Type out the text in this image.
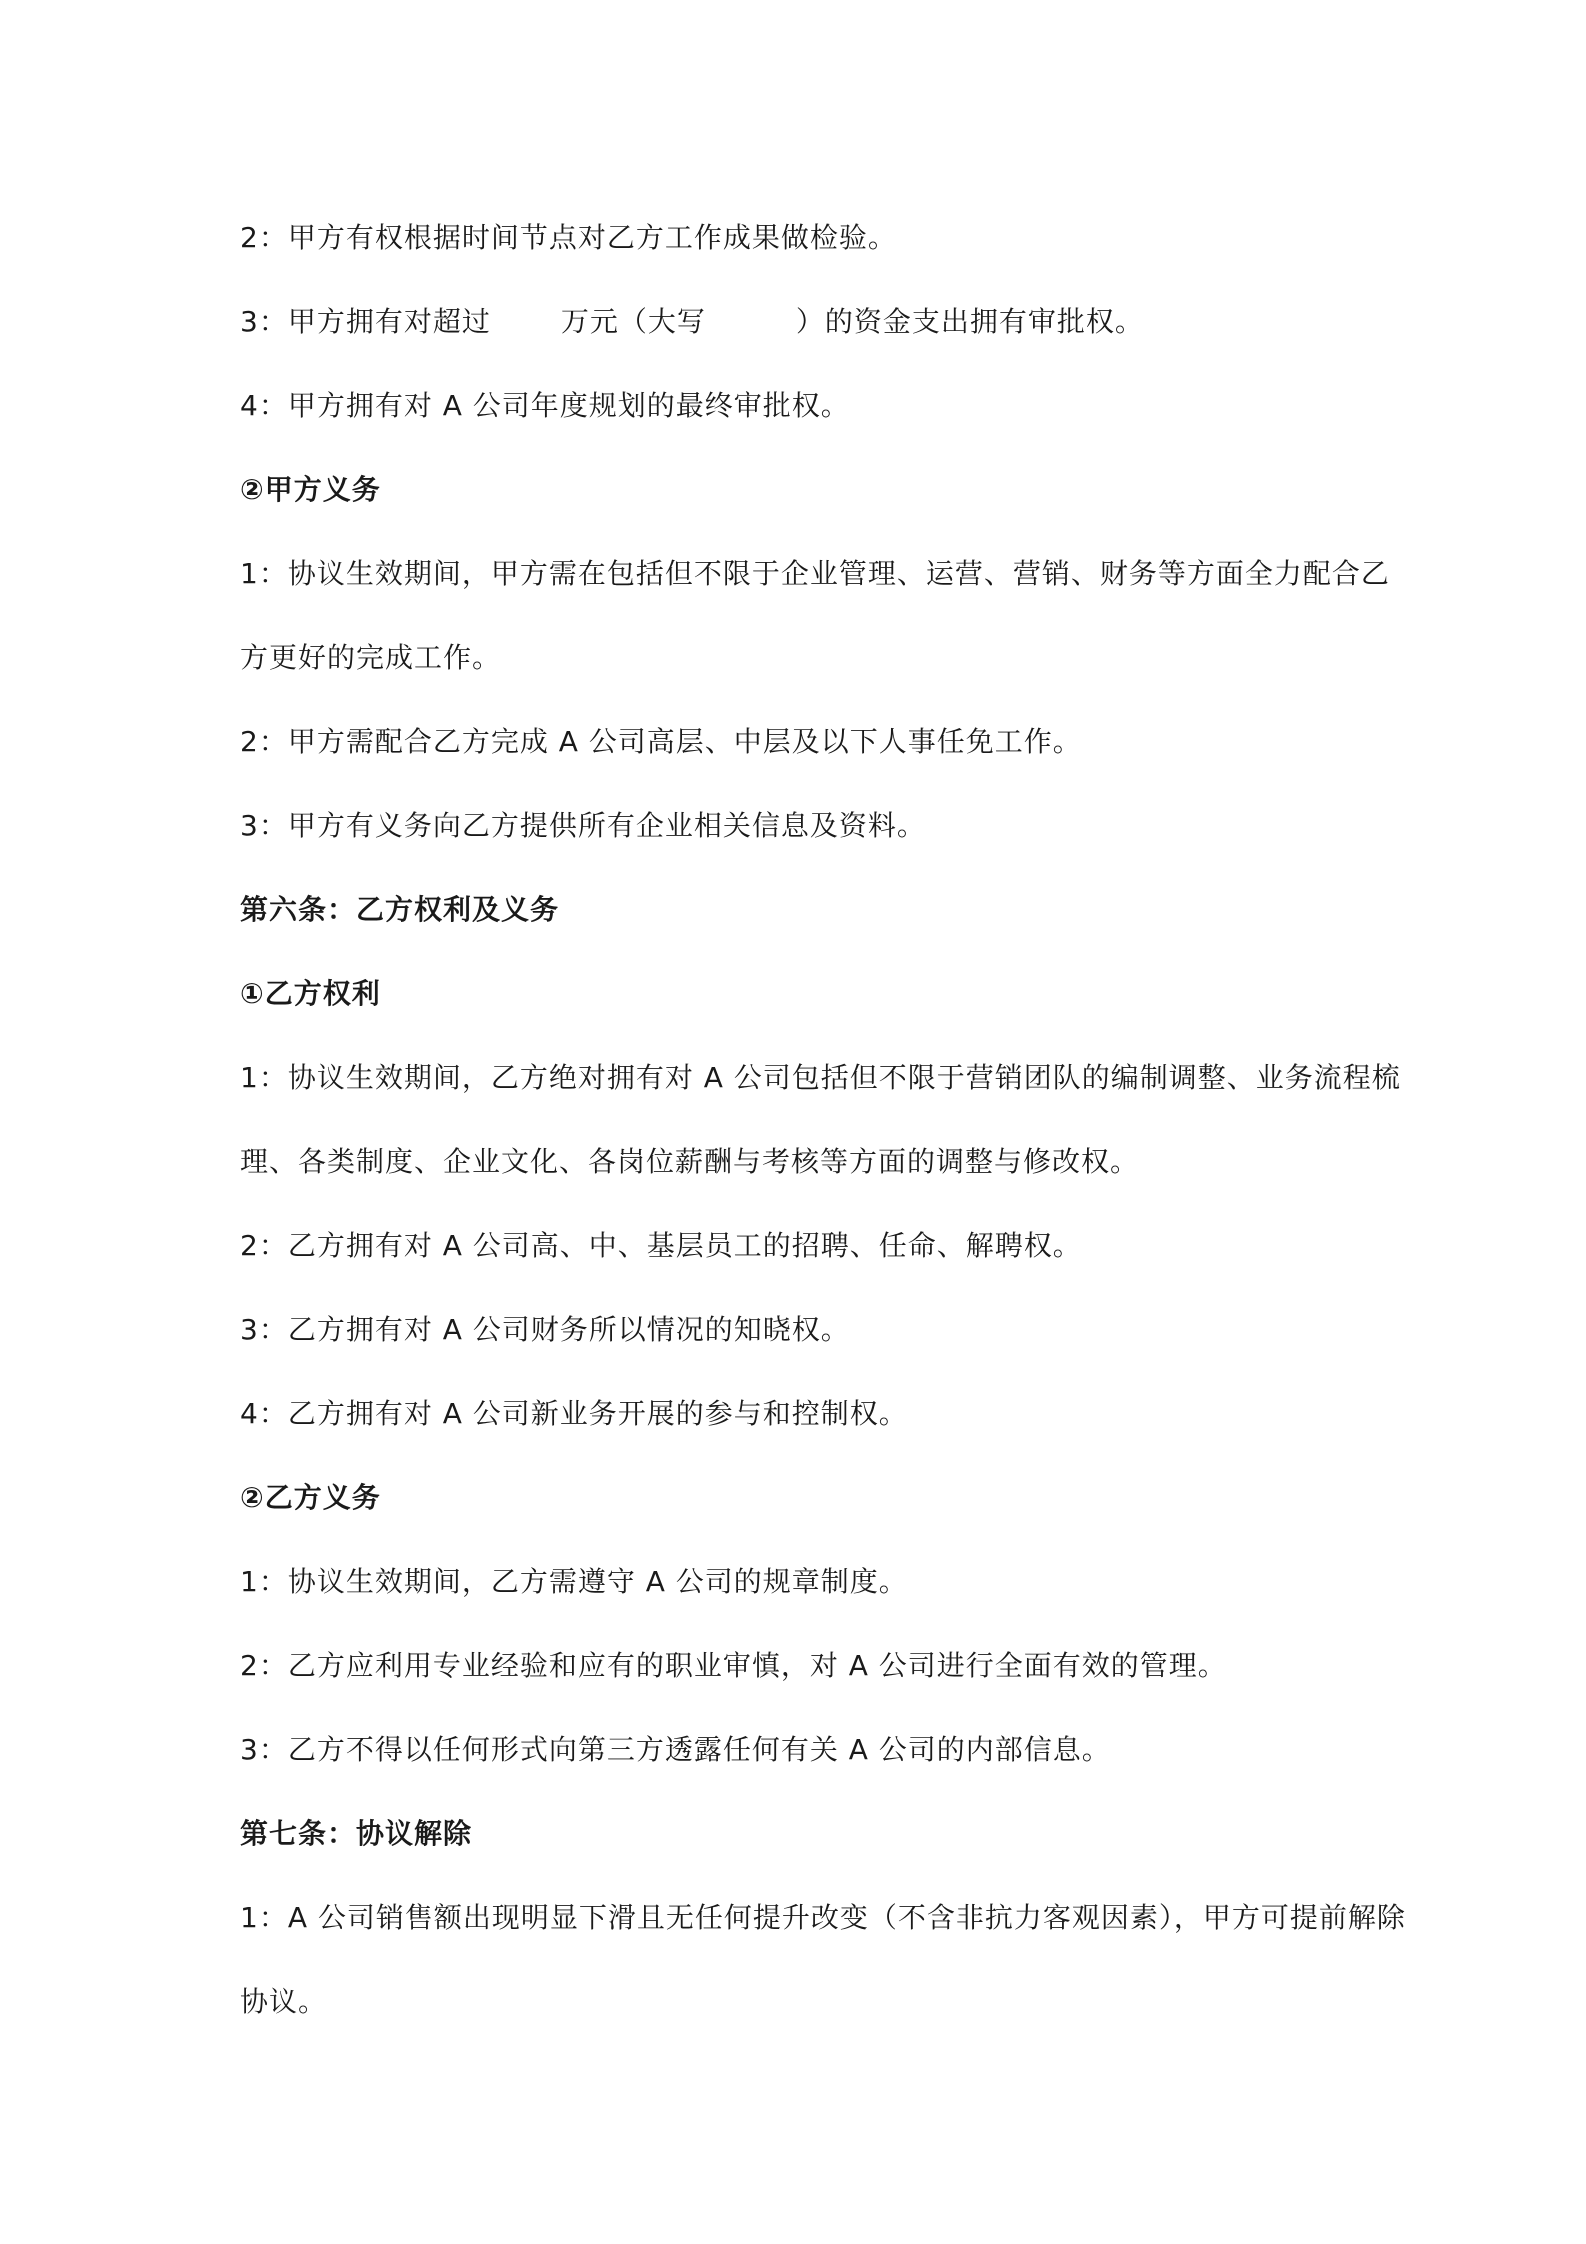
2：甲方有权根据时间节点对乙方工作成果做检验。
3：甲方拥有对超过	万元（大写	）的资金支出拥有审批权。
4：甲方拥有对 A 公司年度规划的最终审批权。
②甲方义务
1：协议生效期间，甲方需在包括但不限于企业管理、运营、营销、财务等方面全力配合乙
方更好的完成工作。
2：甲方需配合乙方完成 A 公司高层、中层及以下人事任免工作。
3：甲方有义务向乙方提供所有企业相关信息及资料。
第六条：乙方权利及义务
①乙方权利
1：协议生效期间，乙方绝对拥有对 A 公司包括但不限于营销团队的编制调整、业务流程梳
理、各类制度、企业文化、各岗位薪酬与考核等方面的调整与修改权。
2：乙方拥有对 A 公司高、中、基层员工的招聘、任命、解聘权。
3：乙方拥有对 A 公司财务所以情况的知晓权。
4：乙方拥有对 A 公司新业务开展的参与和控制权。
②乙方义务
1：协议生效期间，乙方需遵守 A 公司的规章制度。
2：乙方应利用专业经验和应有的职业审慎，对 A 公司进行全面有效的管理。
3：乙方不得以任何形式向第三方透露任何有关 A 公司的内部信息。
第七条：协议解除
1：A 公司销售额出现明显下滑且无任何提升改变（不含非抗力客观因素），甲方可提前解除
协议。
